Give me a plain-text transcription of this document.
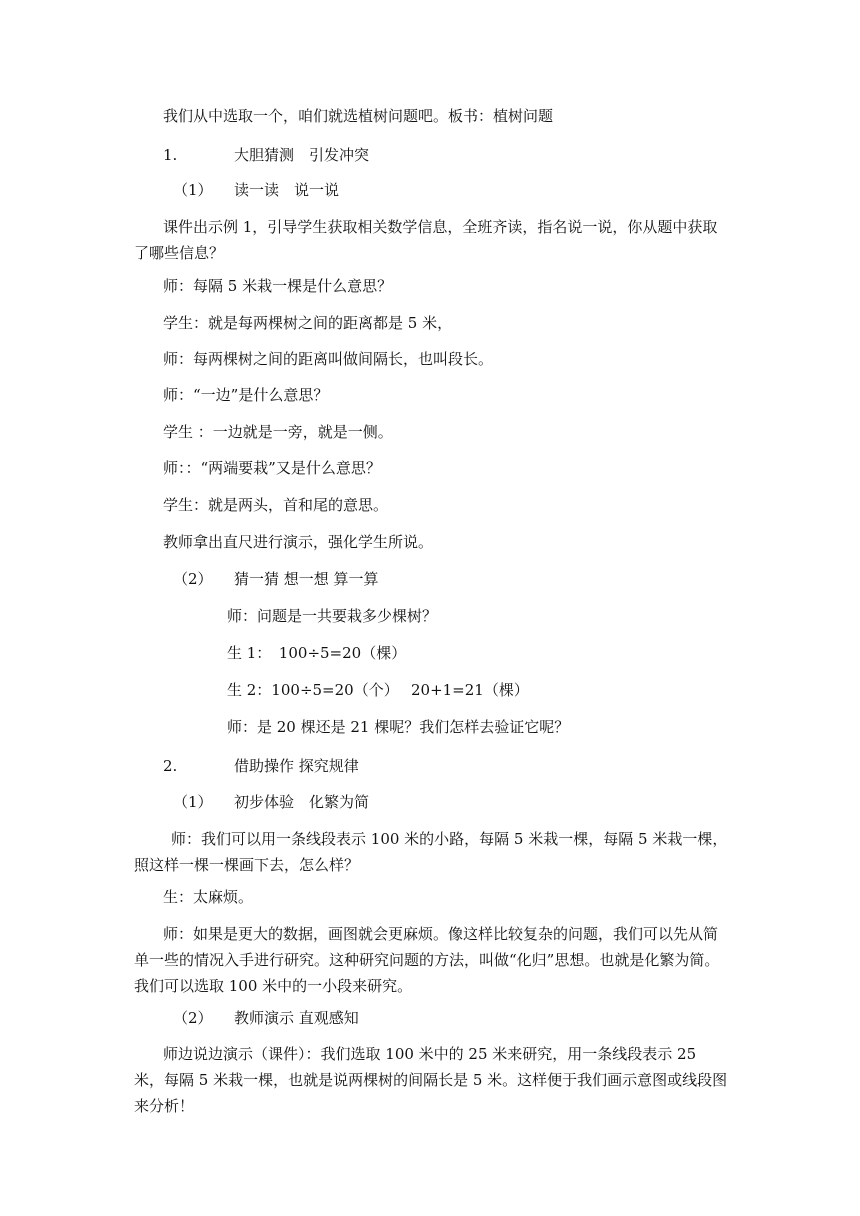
我们从中选取一个，咱们就选植树问题吧。板书：植树问题
1.	大胆猜测　引发冲突
（1） 读一读　说一说
课件出示例 1，引导学生获取相关数学信息，全班齐读，指名说一说，你从题中获取了哪些信息？
师：每隔 5 米栽一棵是什么意思？
学生：就是每两棵树之间的距离都是 5 米，
师：每两棵树之间的距离叫做间隔长，也叫段长。
师：“一边”是什么意思？
学生 ：一边就是一旁，就是一侧。
师：：“两端要栽”又是什么意思？
学生：就是两头，首和尾的意思。
教师拿出直尺进行演示，强化学生所说。
（2） 猜一猜 想一想 算一算
师：问题是一共要栽多少棵树？
生 1：　100÷5=20（棵）
生 2：100÷5=20（个）　 20+1=21（棵）
师：是 20 棵还是 21 棵呢？我们怎样去验证它呢？
2.	借助操作 探究规律
（1） 初步体验　化繁为简
师：我们可以用一条线段表示 100 米的小路，每隔 5 米栽一棵，每隔 5 米栽一棵，照这样一棵一棵画下去，怎么样？
生：太麻烦。
师：如果是更大的数据，画图就会更麻烦。像这样比较复杂的问题，我们可以先从简单一些的情况入手进行研究。这种研究问题的方法，叫做“化归”思想。也就是化繁为简。我们可以选取 100 米中的一小段来研究。
（2） 教师演示 直观感知
师边说边演示（课件）：我们选取 100 米中的 25 米来研究，用一条线段表示 25 米，每隔 5 米栽一棵，也就是说两棵树的间隔长是 5 米。这样便于我们画示意图或线段图来分析！
